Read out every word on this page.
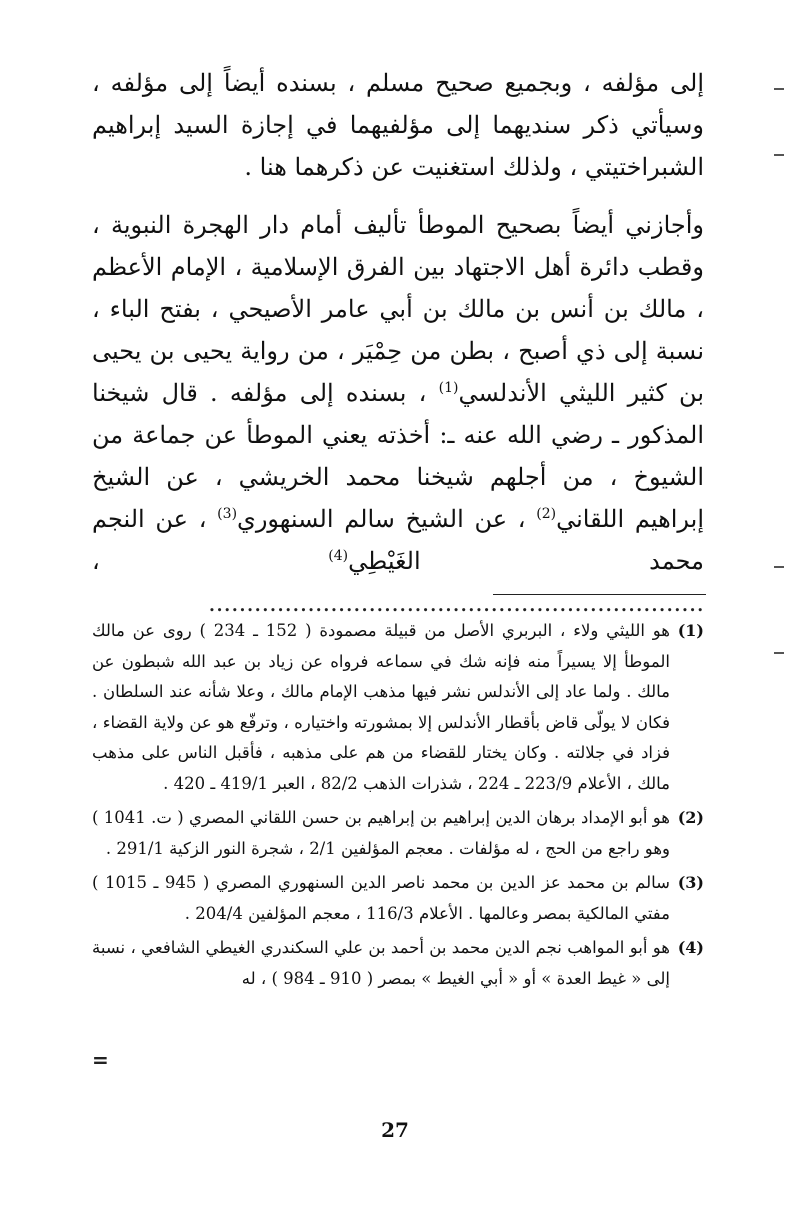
إلى مؤلفه ، وبجميع صحيح مسلم ، بسنده أيضاً إلى مؤلفه ، وسيأتي ذكر سنديهما إلى مؤلفيهما في إجازة السيد إبراهيم الشبراختيتي ، ولذلك استغنيت عن ذكرهما هنا .

وأجازني أيضاً بصحيح الموطأ تأليف أمام دار الهجرة النبوية ، وقطب دائرة أهل الاجتهاد بين الفرق الإسلامية ، الإمام الأعظم ، مالك بن أنس بن مالك بن أبي عامر الأصيحي ، بفتح الباء ، نسبة إلى ذي أصبح ، بطن من حِمْيَر ، من رواية يحيى بن يحيى بن كثير الليثي الأندلسي$^{(1)}$ ، بسنده إلى مؤلفه . قال شيخنا المذكور ـ رضي الله عنه ـ: أخذته يعني الموطأ عن جماعة من الشيوخ ، من أجلهم شيخنا محمد الخريشي ، عن الشيخ إبراهيم اللقاني$^{(2)}$ ، عن الشيخ سالم السنهوري$^{(3)}$ ، عن النجم محمد الغَيْطِي$^{(4)}$ ، .................................................................

(1)
هو الليثي ولاء ، البربري الأصل من قبيلة مصمودة ( 152 ـ 234 ) روى عن مالك الموطأ إلا يسيراً منه فإنه شك في سماعه فرواه عن زياد بن عبد الله شبطون عن مالك . ولما عاد إلى الأندلس نشر فيها مذهب الإمام مالك ، وعلا شأنه عند السلطان . فكان لا يولّى قاض بأقطار الأندلس إلا بمشورته واختياره ، وترفّع هو عن ولاية القضاء ، فزاد في جلالته . وكان يختار للقضاء من هم على مذهبه ، فأقبل الناس على مذهب مالك ، الأعلام 223/9 ـ 224 ، شذرات الذهب 82/2 ، العبر 419/1 ـ 420 .
(2)
هو أبو الإمداد برهان الدين إبراهيم بن إبراهيم بن حسن اللقاني المصري ( ت. 1041 ) وهو راجع من الحج ، له مؤلفات . معجم المؤلفين 2/1 ، شجرة النور الزكية 291/1 .
(3)
سالم بن محمد عز الدين بن محمد ناصر الدين السنهوري المصري ( 945 ـ 1015 ) مفتي المالكية بمصر وعالمها . الأعلام 116/3 ، معجم المؤلفين 204/4 .
(4)
هو أبو المواهب نجم الدين محمد بن أحمد بن علي السكندري الغيطي الشافعي ، نسبة إلى « غيط العدة » أو « أبي الغيط » بمصر ( 910 ـ 984 ) ، له
=
27
